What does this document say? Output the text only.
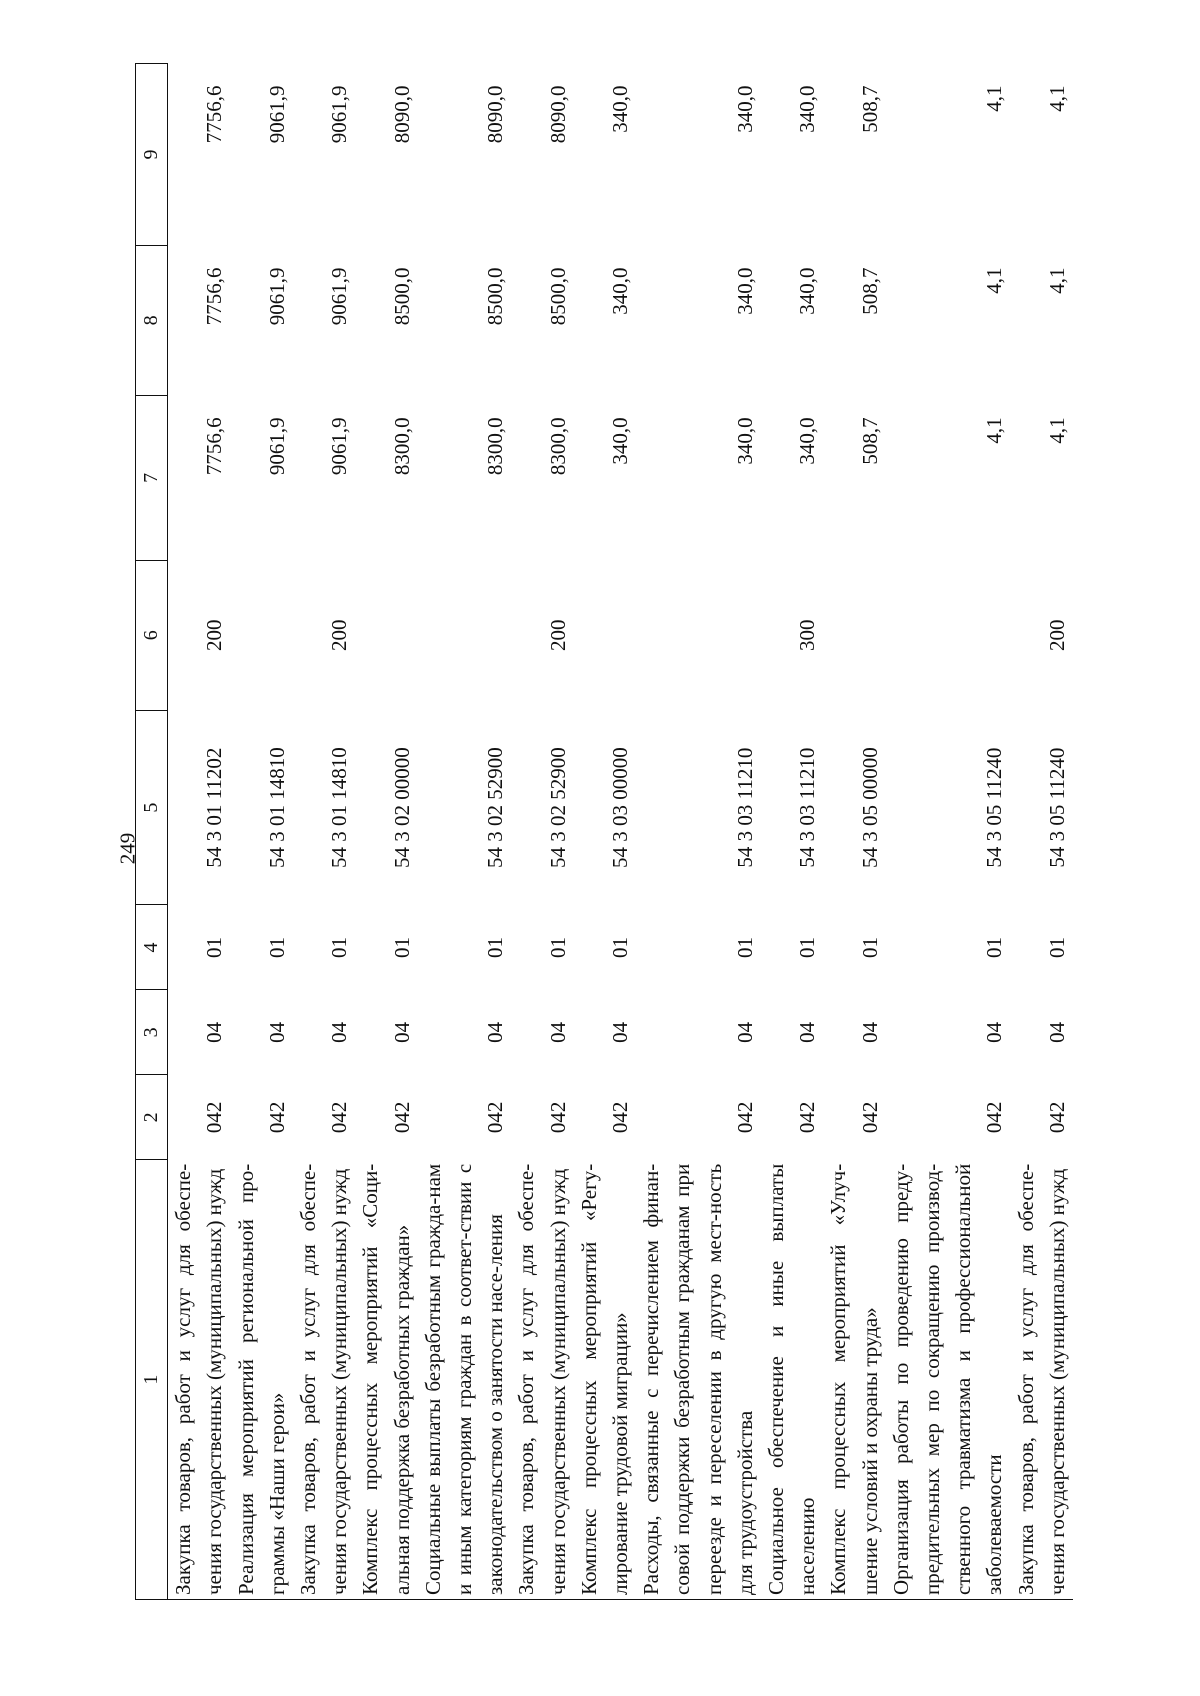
249
1	2	3	4	5	6	7	8	9
Закупка товаров, работ и услуг для обеспе-чения государственных (муниципальных) нужд	042	04	01	54 3 01 11202	200	7756,6	7756,6	7756,6
Реализация мероприятий региональной про-граммы «Наши герои»	042	04	01	54 3 01 14810		9061,9	9061,9	9061,9
Закупка товаров, работ и услуг для обеспе-чения государственных (муниципальных) нужд	042	04	01	54 3 01 14810	200	9061,9	9061,9	9061,9
Комплекс процессных мероприятий «Соци-альная поддержка безработных граждан»	042	04	01	54 3 02 00000		8300,0	8500,0	8090,0
Социальные выплаты безработным гражда-нам и иным категориям граждан в соответ-ствии с законодательством о занятости насе-ления	042	04	01	54 3 02 52900		8300,0	8500,0	8090,0
Закупка товаров, работ и услуг для обеспе-чения государственных (муниципальных) нужд	042	04	01	54 3 02 52900	200	8300,0	8500,0	8090,0
Комплекс процессных мероприятий «Регу-лирование трудовой миграции»	042	04	01	54 3 03 00000		340,0	340,0	340,0
Расходы, связанные с перечислением финан-совой поддержки безработным гражданам при переезде и переселении в другую мест-ность для трудоустройства	042	04	01	54 3 03 11210		340,0	340,0	340,0
Социальное обеспечение и иные выплаты населению	042	04	01	54 3 03 11210	300	340,0	340,0	340,0
Комплекс процессных мероприятий «Улуч-шение условий и охраны труда»	042	04	01	54 3 05 00000		508,7	508,7	508,7
Организация работы по проведению преду-предительных мер по сокращению производ-ственного травматизма и профессиональной заболеваемости	042	04	01	54 3 05 11240		4,1	4,1	4,1
Закупка товаров, работ и услуг для обеспе-чения государственных (муниципальных) нужд	042	04	01	54 3 05 11240	200	4,1	4,1	4,1
